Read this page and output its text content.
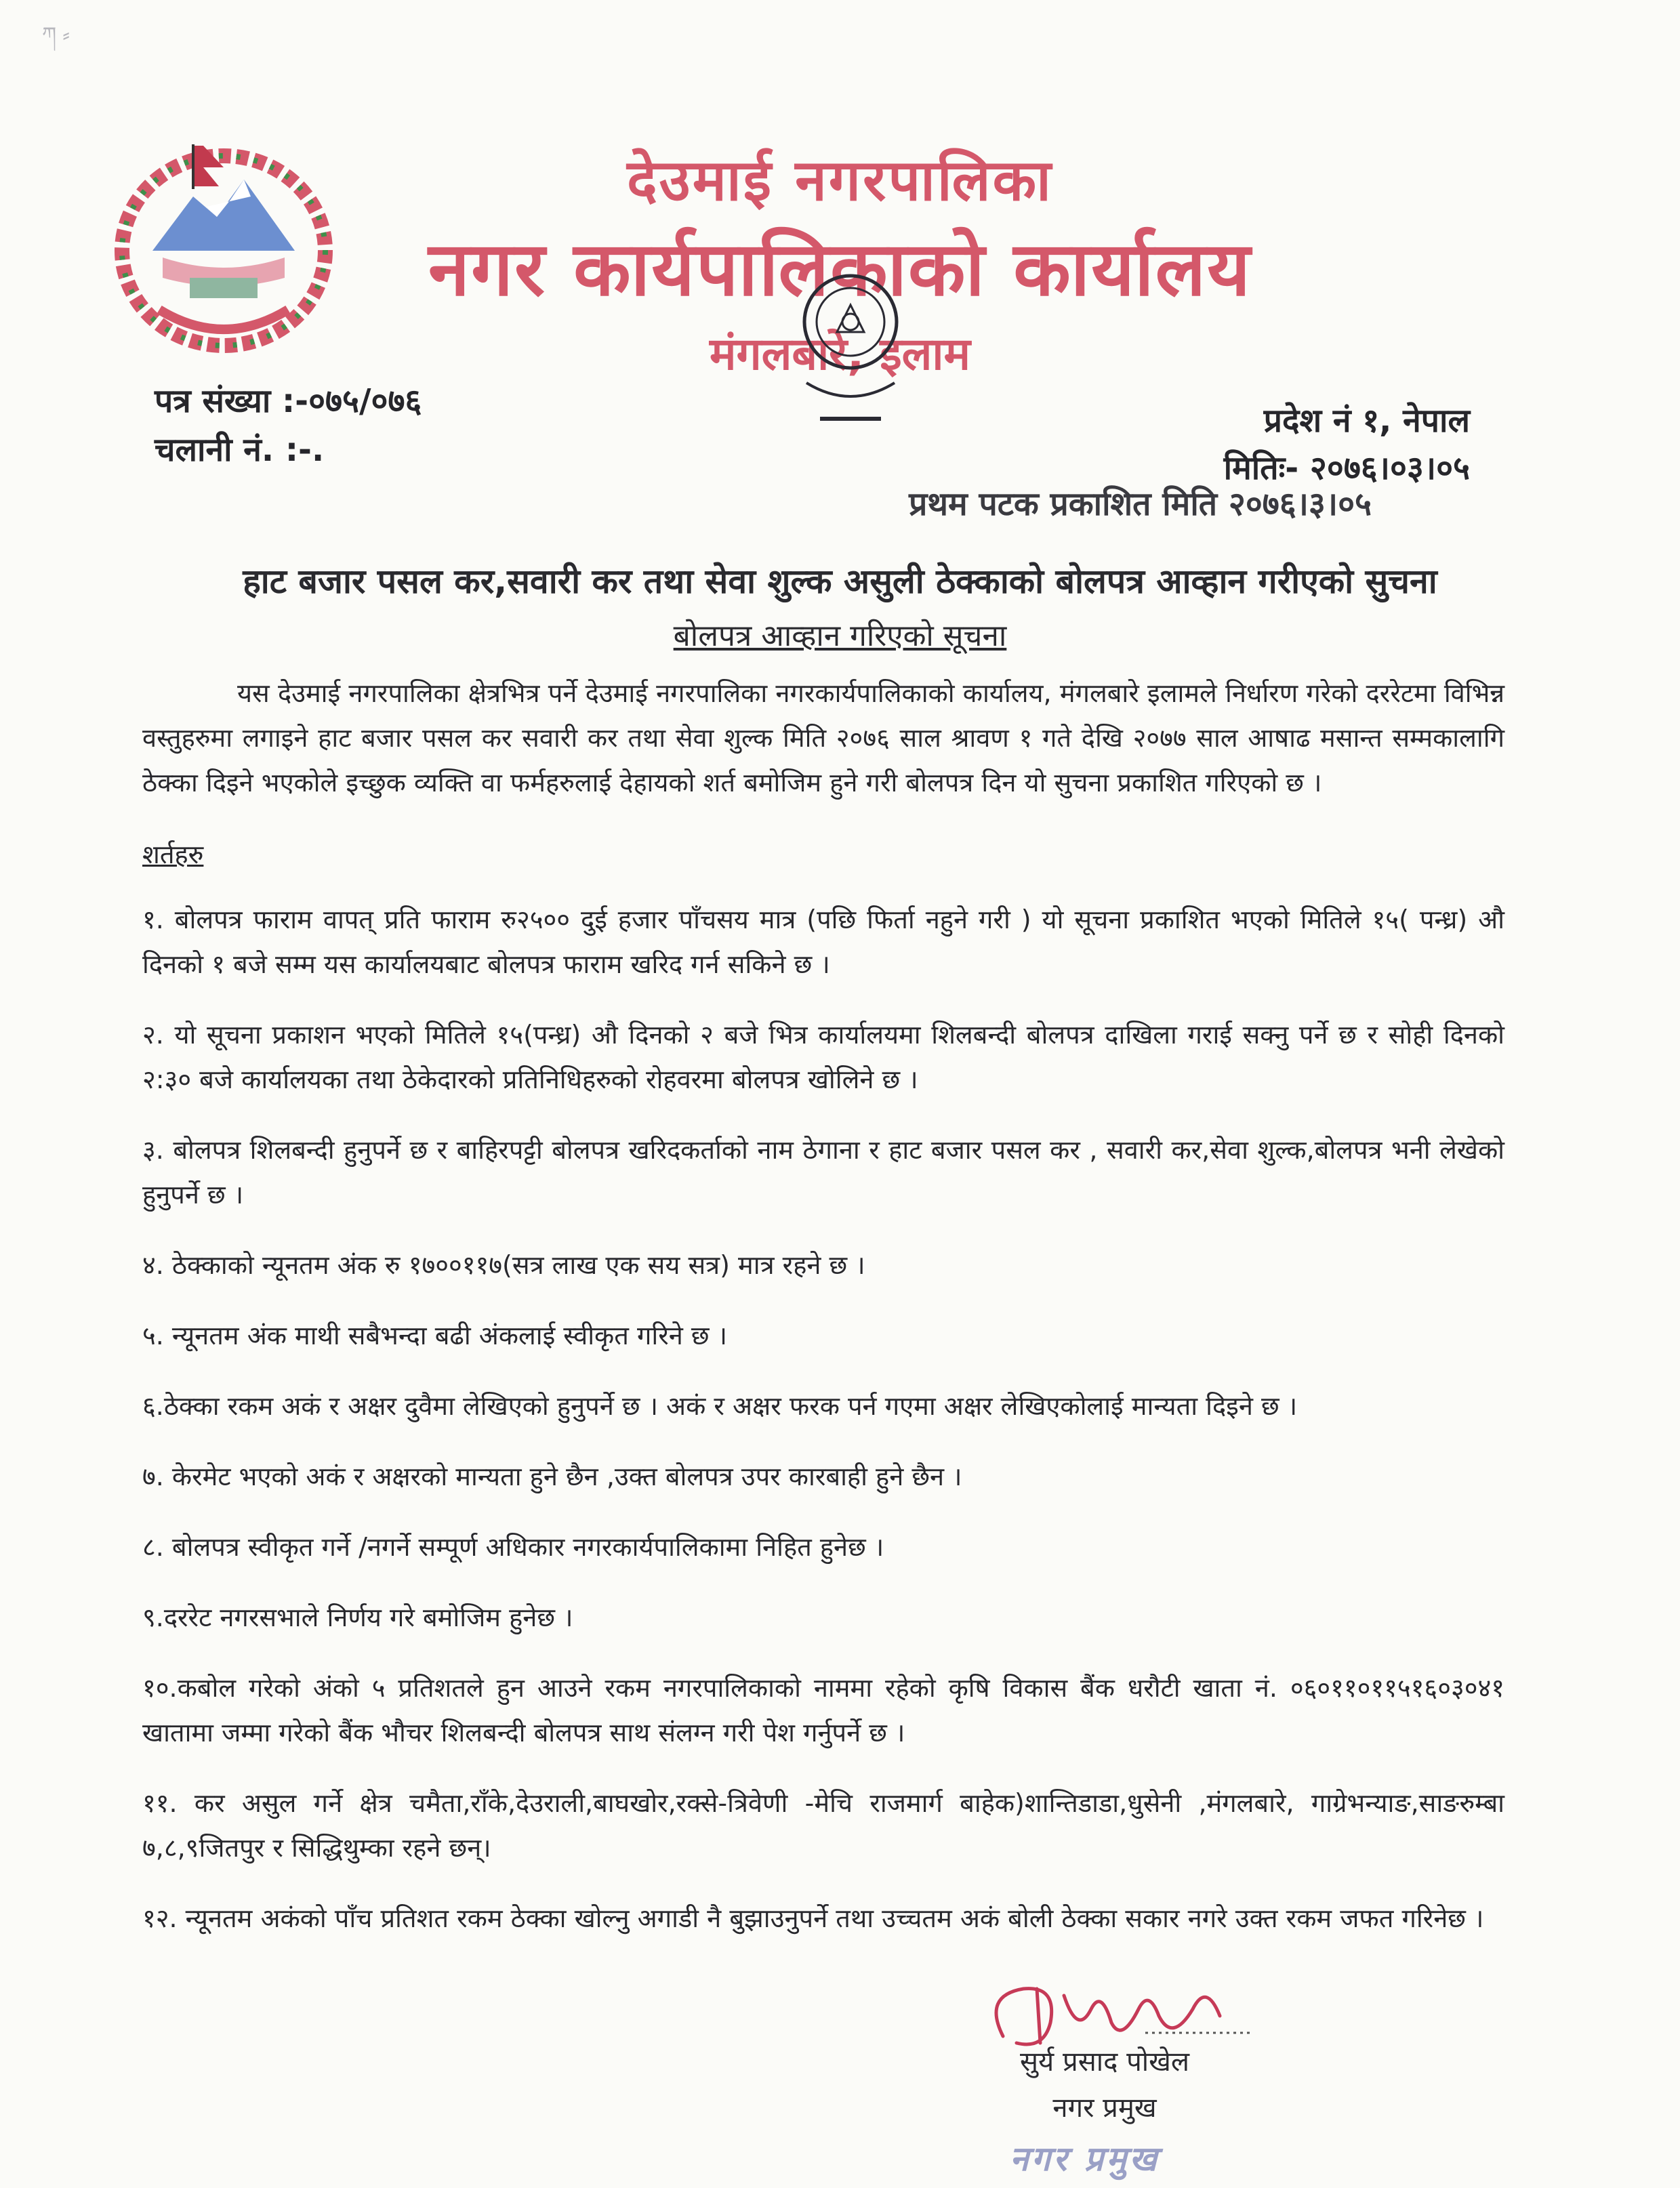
ཀ ⸗
देउमाई नगरपालिका
नगर कार्यपालिकाको कार्यालय
मंगलबारे, इलाम
पत्र संख्या :-०७५/०७६
चलानी नं. :-.
प्रदेश नं १, नेपाल
मितिः- २०७६।०३।०५
प्रथम पटक प्रकाशित मिति २०७६।३।०५
हाट बजार पसल कर,सवारी कर तथा सेवा शुल्क असुली ठेक्काको बोलपत्र आव्हान गरीएको सुचना
बोलपत्र आव्हान गरिएको सूचना

यस देउमाई नगरपालिका क्षेत्रभित्र पर्ने देउमाई नगरपालिका नगरकार्यपालिकाको कार्यालय, मंगलबारे इलामले निर्धारण गरेको दररेटमा विभिन्न वस्तुहरुमा लगाइने हाट बजार पसल कर सवारी कर तथा सेवा शुल्क मिति २०७६ साल श्रावण १ गते देखि २०७७ साल आषाढ मसान्त सम्मकालागि ठेक्का दिइने भएकोले इच्छुक व्यक्ति वा फर्महरुलाई देहायको शर्त बमोजिम हुने गरी बोलपत्र दिन यो सुचना प्रकाशित गरिएको छ ।

शर्तहरु

१. बोलपत्र फाराम वापत् प्रति फाराम रु२५०० दुई हजार पाँचसय मात्र (पछि फिर्ता नहुने गरी ) यो सूचना प्रकाशित भएको मितिले १५( पन्ध्र) औ दिनको १ बजे सम्म यस कार्यालयबाट बोलपत्र फाराम खरिद गर्न सकिने छ ।

२. यो सूचना प्रकाशन भएको मितिले १५(पन्ध्र) औ दिनको २ बजे भित्र कार्यालयमा शिलबन्दी बोलपत्र दाखिला गराई सक्नु पर्ने छ र सोही दिनको २:३० बजे कार्यालयका तथा ठेकेदारको प्रतिनिधिहरुको रोहवरमा बोलपत्र खोलिने छ ।

३. बोलपत्र शिलबन्दी हुनुपर्ने छ र बाहिरपट्टी बोलपत्र खरिदकर्ताको नाम ठेगाना र हाट बजार पसल कर , सवारी कर,सेवा शुल्क,बोलपत्र भनी लेखेको हुनुपर्ने छ ।

४. ठेक्काको न्यूनतम अंक रु १७००११७(सत्र लाख एक सय सत्र) मात्र रहने छ ।

५. न्यूनतम अंक माथी सबैभन्दा बढी अंकलाई स्वीकृत गरिने छ ।

६.ठेक्का रकम अकं र अक्षर दुवैमा लेखिएको हुनुपर्ने छ । अकं र अक्षर फरक पर्न गएमा अक्षर लेखिएकोलाई मान्यता दिइने छ ।

७. केरमेट भएको अकं र अक्षरको मान्यता हुने छैन ,उक्त बोलपत्र उपर कारबाही हुने छैन ।

८. बोलपत्र स्वीकृत गर्ने /नगर्ने सम्पूर्ण अधिकार नगरकार्यपालिकामा निहित हुनेछ ।

९.दररेट नगरसभाले निर्णय गरे बमोजिम हुनेछ ।

१०.कबोल गरेको अंको ५ प्रतिशतले हुन आउने रकम नगरपालिकाको नाममा रहेको कृषि विकास बैंक धरौटी खाता नं. ०६०११०११५१६०३०४१ खातामा जम्मा गरेको बैंक भौचर शिलबन्दी बोलपत्र साथ संलग्न गरी पेश गर्नुपर्ने छ ।

११. कर असुल गर्ने क्षेत्र चमैता,राँके,देउराली,बाघखोर,रक्से-त्रिवेणी -मेचि राजमार्ग बाहेक)शान्तिडाडा,धुसेनी ,मंगलबारे, गाग्रेभन्याङ,साङरुम्बा ७,८,९जितपुर र सिद्धिथुम्का रहने छन्।

१२. न्यूनतम अकंको पाँच प्रतिशत रकम ठेक्का खोल्नु अगाडी नै बुझाउनुपर्ने तथा उच्चतम अकं बोली ठेक्का सकार नगरे उक्त रकम जफत गरिनेछ ।

सुर्य प्रसाद पोखेल
नगर प्रमुख
नगर प्रमुख
